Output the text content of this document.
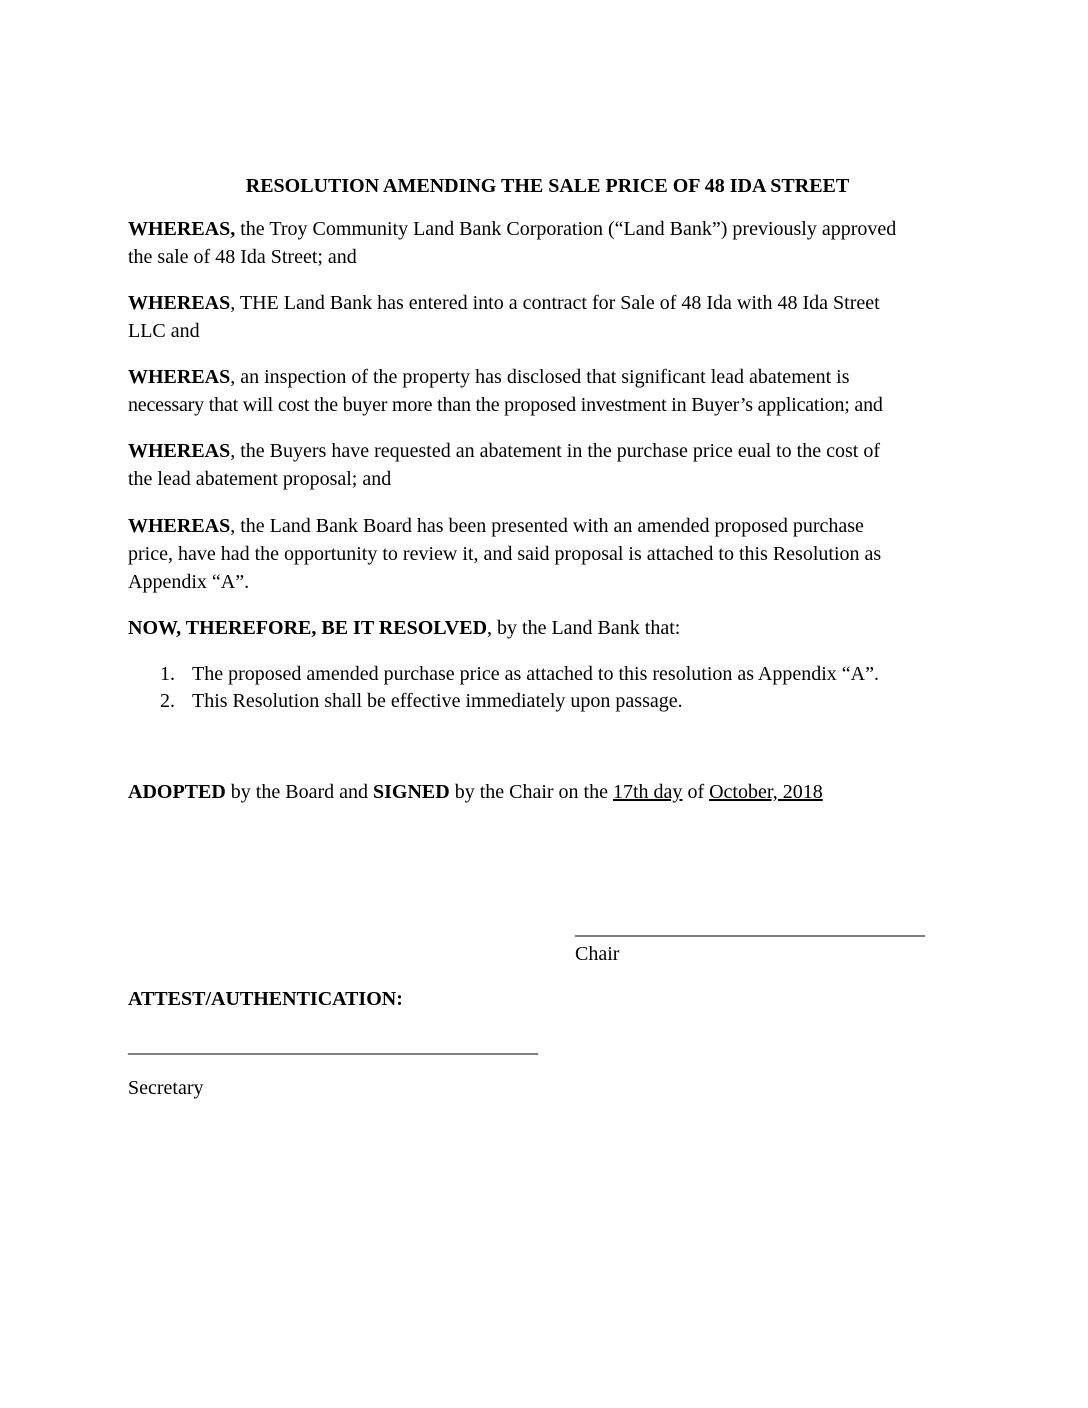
RESOLUTION AMENDING THE SALE PRICE OF 48 IDA STREET
WHEREAS, the Troy Community Land Bank Corporation (“Land Bank”) previously approved
the sale of 48 Ida Street; and
WHEREAS, THE Land Bank has entered into a contract for Sale of 48 Ida with 48 Ida Street
LLC and
WHEREAS, an inspection of the property has disclosed that significant lead abatement is
necessary that will cost the buyer more than the proposed investment in Buyer’s application; and
WHEREAS, the Buyers have requested an abatement in the purchase price eual to the cost of
the lead abatement proposal; and
WHEREAS, the Land Bank Board has been presented with an amended proposed purchase
price, have had the opportunity to review it, and said proposal is attached to this Resolution as
Appendix “A”.
NOW, THEREFORE, BE IT RESOLVED, by the Land Bank that:
1. The proposed amended purchase price as attached to this resolution as Appendix “A”.
2. This Resolution shall be effective immediately upon passage.
ADOPTED by the Board and SIGNED by the Chair on the 17th day of October, 2018
___________________________________
Chair
ATTEST/AUTHENTICATION:
_________________________________________
Secretary
